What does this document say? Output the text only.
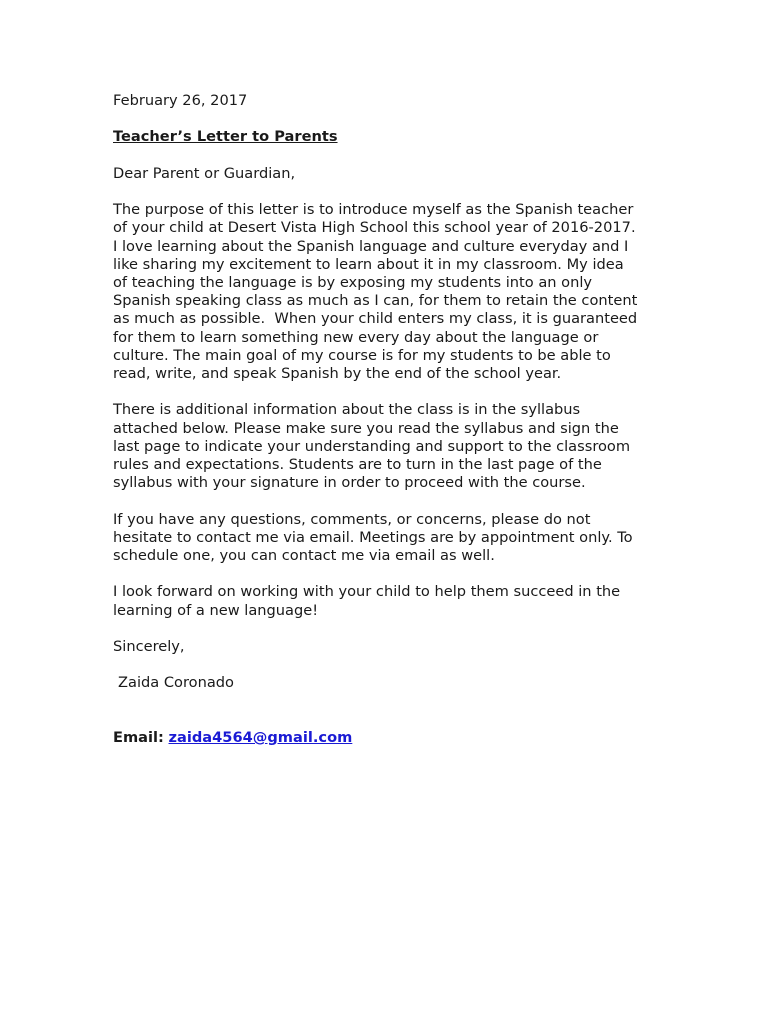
February 26, 2017
Teacher’s Letter to Parents
Dear Parent or Guardian,
The purpose of this letter is to introduce myself as the Spanish teacher
of your child at Desert Vista High School this school year of 2016-2017.
I love learning about the Spanish language and culture everyday and I
like sharing my excitement to learn about it in my classroom. My idea
of teaching the language is by exposing my students into an only
Spanish speaking class as much as I can, for them to retain the content
as much as possible.  When your child enters my class, it is guaranteed
for them to learn something new every day about the language or
culture. The main goal of my course is for my students to be able to
read, write, and speak Spanish by the end of the school year.
There is additional information about the class is in the syllabus
attached below. Please make sure you read the syllabus and sign the
last page to indicate your understanding and support to the classroom
rules and expectations. Students are to turn in the last page of the
syllabus with your signature in order to proceed with the course.
If you have any questions, comments, or concerns, please do not
hesitate to contact me via email. Meetings are by appointment only. To
schedule one, you can contact me via email as well.
I look forward on working with your child to help them succeed in the
learning of a new language!
Sincerely,
Zaida Coronado
Email: zaida4564@gmail.com
